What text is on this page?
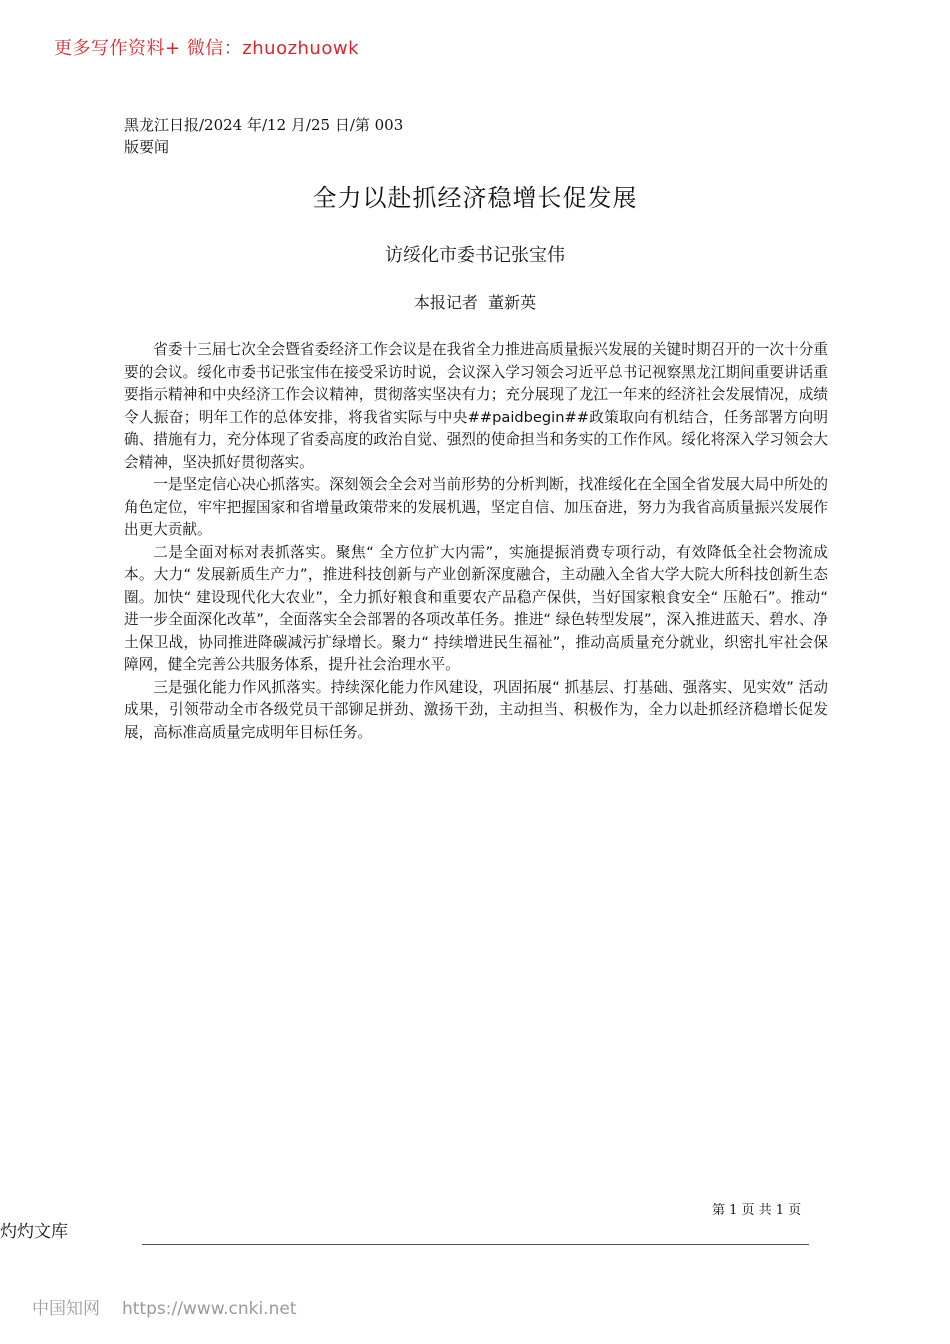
更多写作资料+ 微信：zhuozhuowk
黑龙江日报/2024 年/12 月/25 日/第 003
版要闻
全力以赴抓经济稳增长促发展
访绥化市委书记张宝伟
本报记者  董新英

省委十三届七次全会暨省委经济工作会议是在我省全力推进高质量振兴发展的关键时期召开的一次十分重要的会议。绥化市委书记张宝伟在接受采访时说，会议深入学习领会习近平总书记视察黑龙江期间重要讲话重要指示精神和中央经济工作会议精神，贯彻落实坚决有力；充分展现了龙江一年来的经济社会发展情况，成绩令人振奋；明年工作的总体安排，将我省实际与中央##paidbegin##政策取向有机结合，任务部署方向明确、措施有力，充分体现了省委高度的政治自觉、强烈的使命担当和务实的工作作风。绥化将深入学习领会大会精神，坚决抓好贯彻落实。

一是坚定信心决心抓落实。深刻领会全会对当前形势的分析判断，找准绥化在全国全省发展大局中所处的角色定位，牢牢把握国家和省增量政策带来的发展机遇，坚定自信、加压奋进，努力为我省高质量振兴发展作出更大贡献。

二是全面对标对表抓落实。聚焦“ 全方位扩大内需”，实施提振消费专项行动，有效降低全社会物流成本。大力“ 发展新质生产力”，推进科技创新与产业创新深度融合，主动融入全省大学大院大所科技创新生态圈。加快“ 建设现代化大农业”，全力抓好粮食和重要农产品稳产保供，当好国家粮食安全“ 压舱石”。推动“ 进一步全面深化改革”，全面落实全会部署的各项改革任务。推进“ 绿色转型发展”，深入推进蓝天、碧水、净土保卫战，协同推进降碳减污扩绿增长。聚力“ 持续增进民生福祉”，推动高质量充分就业，织密扎牢社会保障网，健全完善公共服务体系，提升社会治理水平。

三是强化能力作风抓落实。持续深化能力作风建设，巩固拓展“ 抓基层、打基础、强落实、见实效” 活动成果，引领带动全市各级党员干部铆足拼劲、激扬干劲，主动担当、积极作为，全力以赴抓经济稳增长促发展，高标准高质量完成明年目标任务。

第 1 页 共 1 页
灼灼文库
中国知网 https://www.cnki.net
